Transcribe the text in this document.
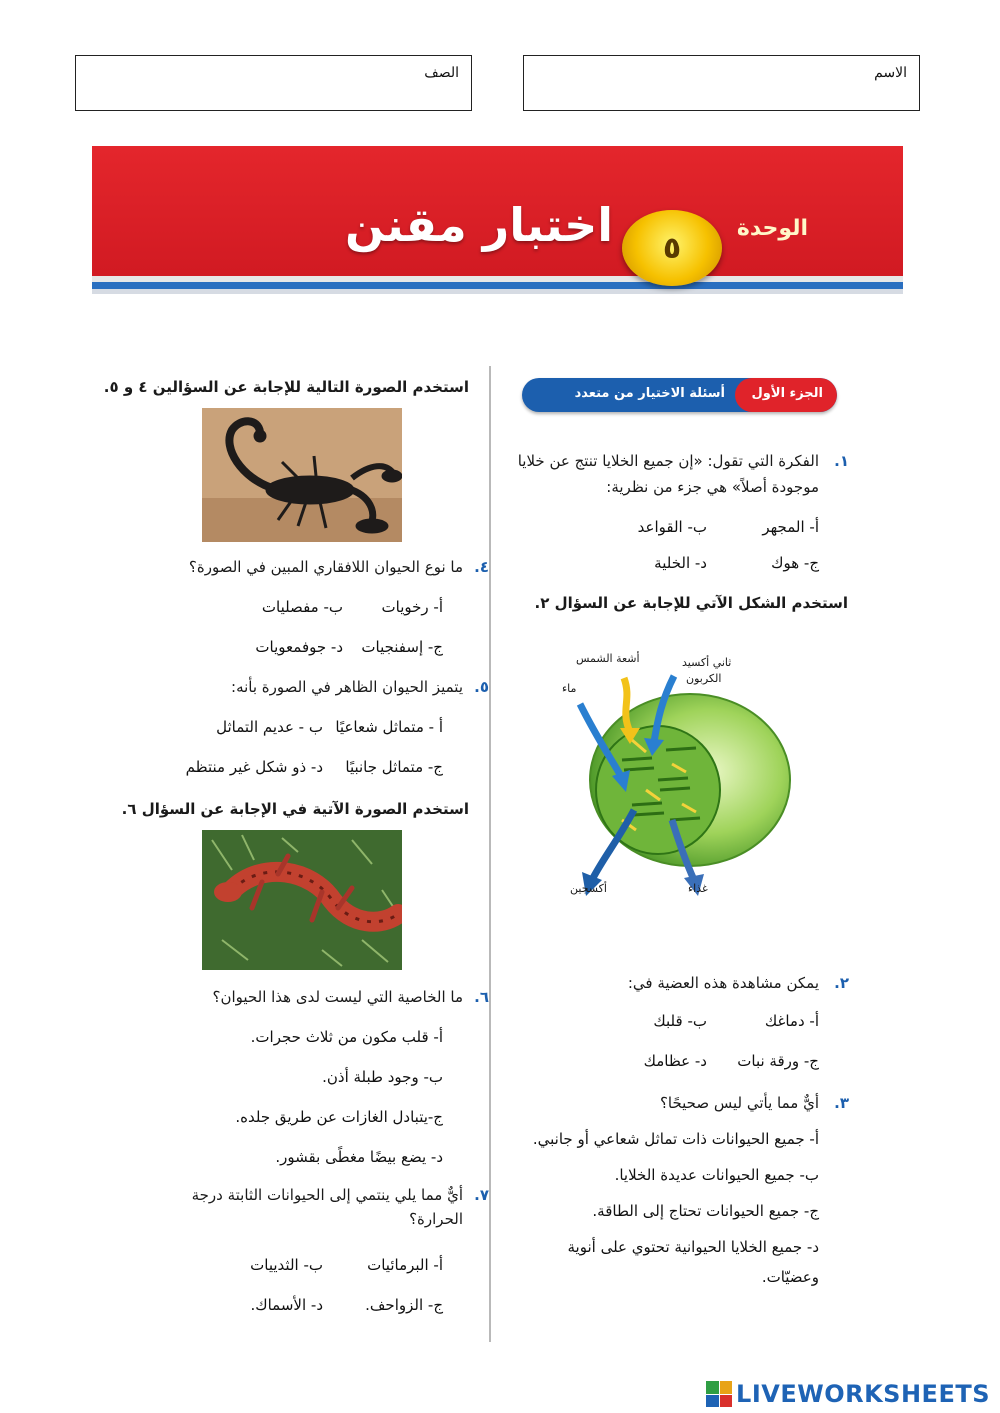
الاسم
الصف
الوحدة
٥
اختبار مقنن
الجزء الأول
أسئلة الاختيار من متعدد
١.
الفكرة التي تقول: «إن جميع الخلايا تنتج عن خلايا
موجودة أصلاً» هي جزء من نظرية:
أ- المجهر
ب- القواعد
ج- هوك
د- الخلية
استخدم الشكل الآتي للإجابة عن السؤال ٢.
أشعة الشمس	ثاني أكسيد
الكربون
ماء
أكسجين	غذاء
٢.
يمكن مشاهدة هذه العضية في:
أ- دماغك
ب- قلبك
ج- ورقة نبات
د- عظامك
٣.
أيٌّ مما يأتي ليس صحيحًا؟
أ- جميع الحيوانات ذات تماثل شعاعي أو جانبي.
ب- جميع الحيوانات عديدة الخلايا.
ج- جميع الحيوانات تحتاج إلى الطاقة.
د- جميع الخلايا الحيوانية تحتوي على أنوية
وعضيّات.
استخدم الصورة التالية للإجابة عن السؤالين ٤ و ٥.
٤.
ما نوع الحيوان اللافقاري المبين في الصورة؟
أ- رخويات
ب- مفصليات
ج- إسفنجيات
د- جوفمعويات
٥.
يتميز الحيوان الظاهر في الصورة بأنه:
أ - متماثل شعاعيًا
ب - عديم التماثل
ج- متماثل جانبيًا
د- ذو شكل غير منتظم
استخدم الصورة الآتية في الإجابة عن السؤال ٦.
٦.
ما الخاصية التي ليست لدى هذا الحيوان؟
أ- قلب مكون من ثلاث حجرات.
ب- وجود طبلة أذن.
ج-يتبادل الغازات عن طريق جلده.
د- يضع بيضًا مغطًى بقشور.
٧.
أيٌّ مما يلي ينتمي إلى الحيوانات الثابتة درجة
الحرارة؟
أ- البرمائيات
ب- الثدييات
ج- الزواحف.
د- الأسماك.
LIVEWORKSHEETS
